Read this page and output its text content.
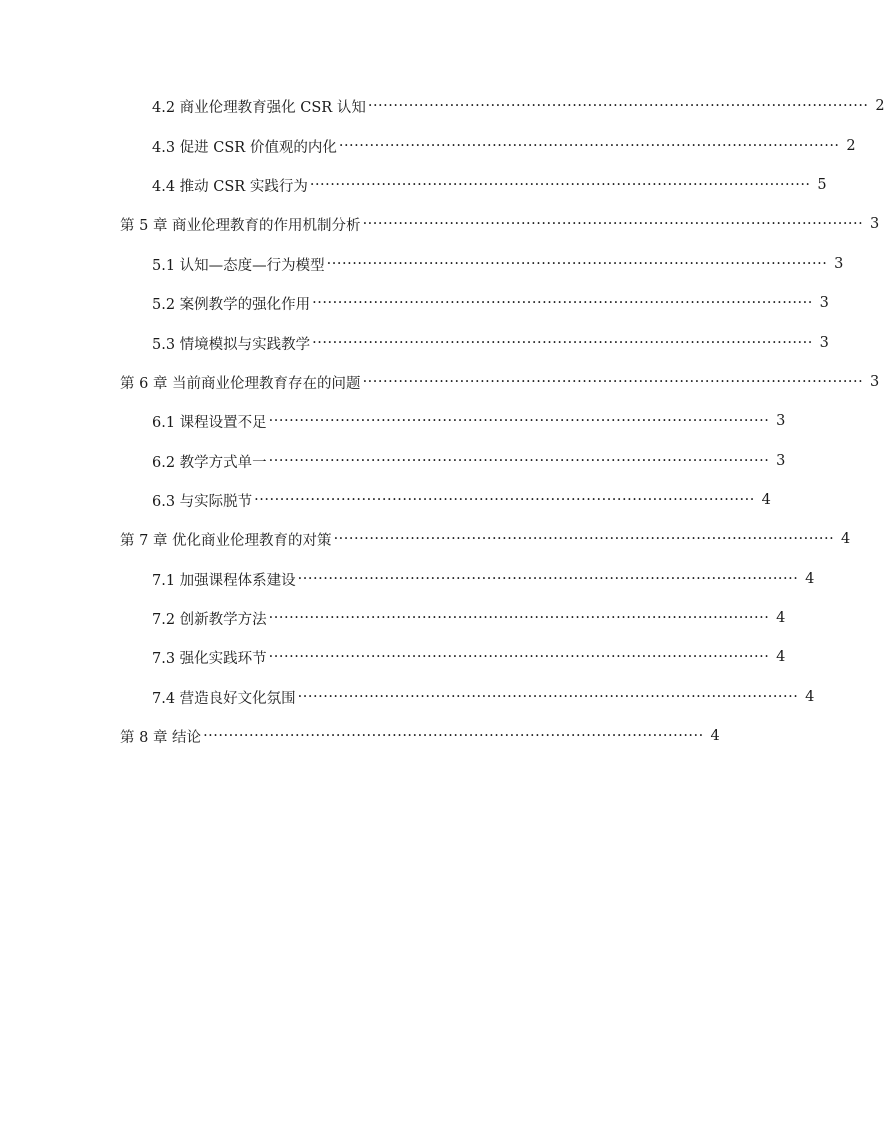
4.2 商业伦理教育强化 CSR 认知 ·································································································· 2
4.3 促进 CSR 价值观的内化 ·································································································· 2
4.4 推动 CSR 实践行为 ·································································································· 5
第 5 章 商业伦理教育的作用机制分析 ·································································································· 3
5.1 认知—态度—行为模型 ·································································································· 3
5.2 案例教学的强化作用 ·································································································· 3
5.3 情境模拟与实践教学 ·································································································· 3
第 6 章 当前商业伦理教育存在的问题 ·································································································· 3
6.1 课程设置不足 ·································································································· 3
6.2 教学方式单一 ·································································································· 3
6.3 与实际脱节 ·································································································· 4
第 7 章 优化商业伦理教育的对策 ·································································································· 4
7.1 加强课程体系建设 ·································································································· 4
7.2 创新教学方法 ·································································································· 4
7.3 强化实践环节 ·································································································· 4
7.4 营造良好文化氛围 ·································································································· 4
第 8 章 结论 ·································································································· 4
